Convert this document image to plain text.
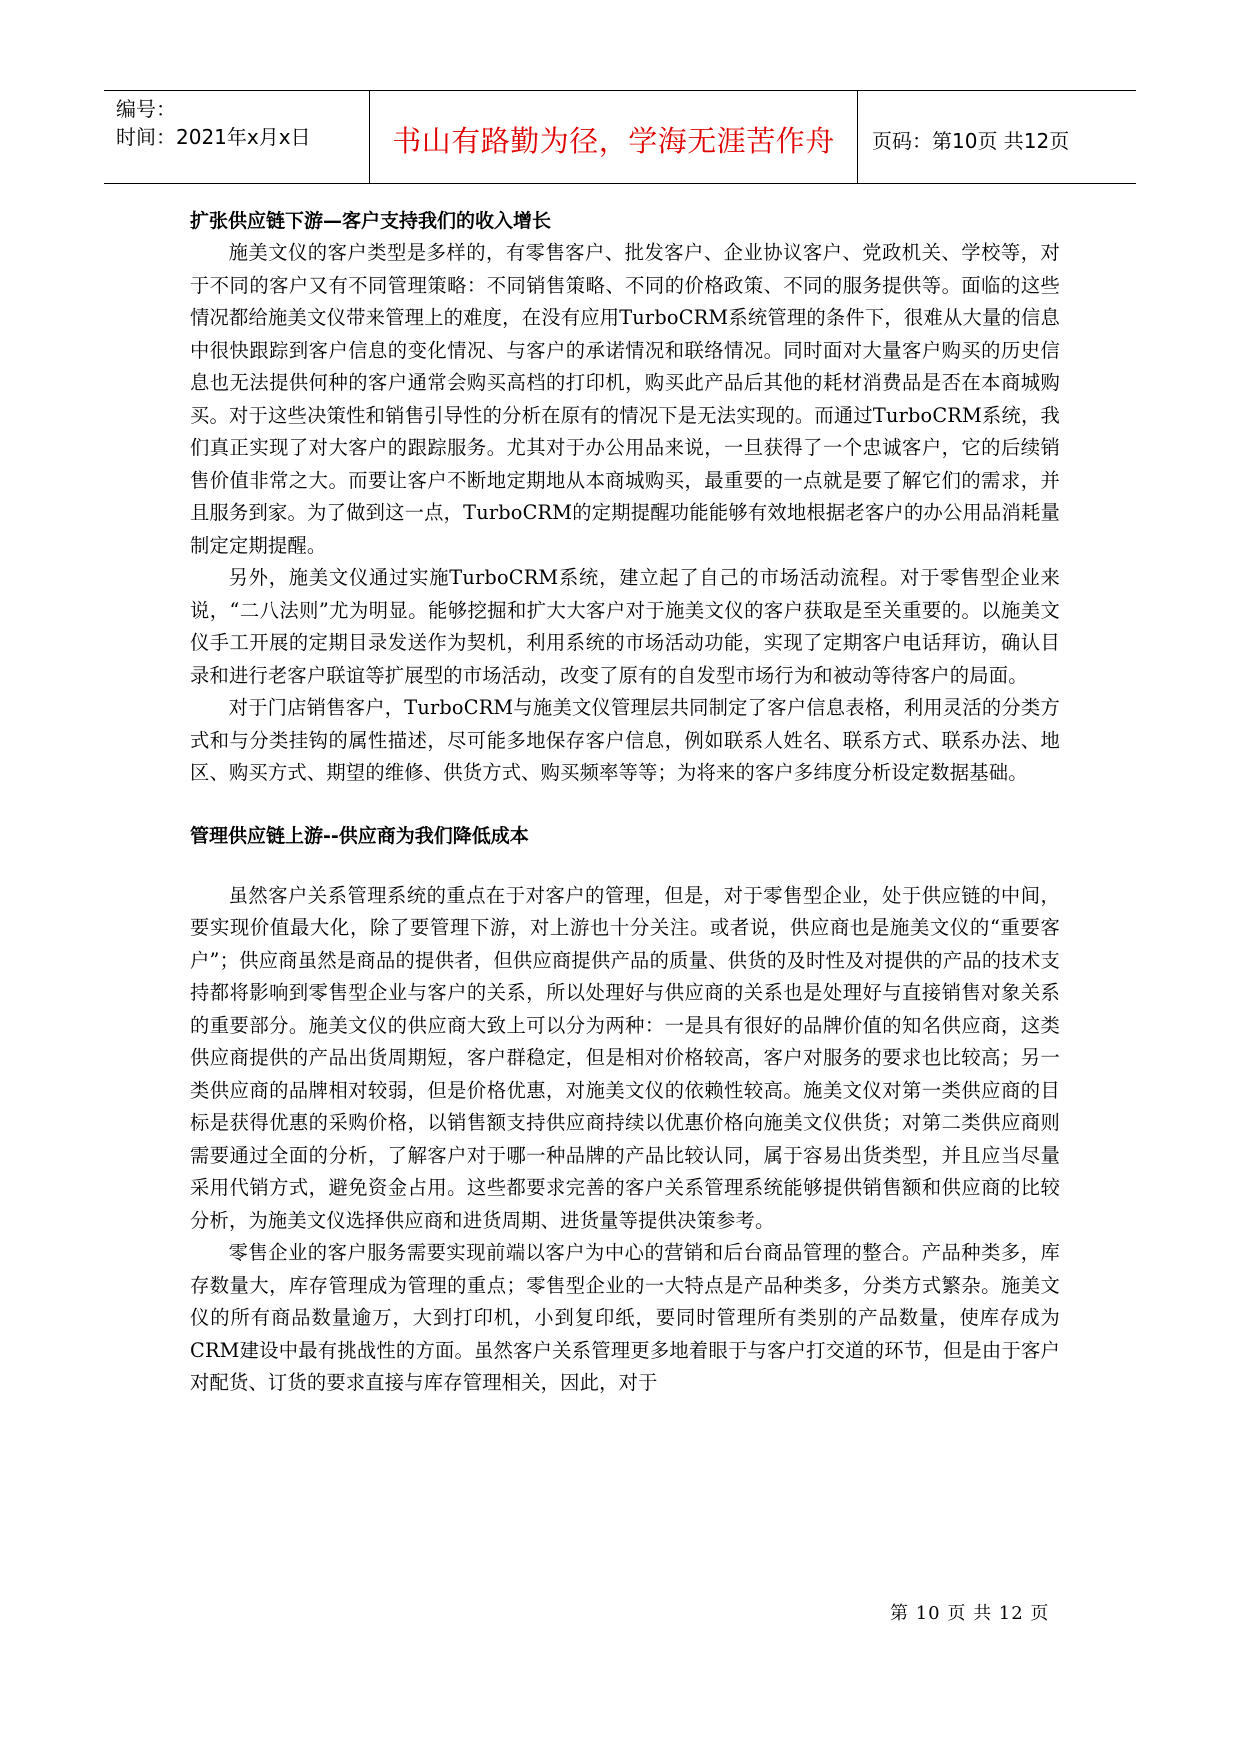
编号：
时间：2021年x月x日	书山有路勤为径，学海无涯苦作舟	页码：第10页 共12页
扩张供应链下游—客户支持我们的收入增长

施美文仪的客户类型是多样的，有零售客户、批发客户、企业协议客户、党政机关、学校等，对于不同的客户又有不同管理策略：不同销售策略、不同的价格政策、不同的服务提供等。面临的这些情况都给施美文仪带来管理上的难度，在没有应用TurboCRM系统管理的条件下，很难从大量的信息中很快跟踪到客户信息的变化情况、与客户的承诺情况和联络情况。同时面对大量客户购买的历史信息也无法提供何种的客户通常会购买高档的打印机，购买此产品后其他的耗材消费品是否在本商城购买。对于这些决策性和销售引导性的分析在原有的情况下是无法实现的。而通过TurboCRM系统，我们真正实现了对大客户的跟踪服务。尤其对于办公用品来说，一旦获得了一个忠诚客户，它的后续销售价值非常之大。而要让客户不断地定期地从本商城购买，最重要的一点就是要了解它们的需求，并且服务到家。为了做到这一点，TurboCRM的定期提醒功能能够有效地根据老客户的办公用品消耗量制定定期提醒。

另外，施美文仪通过实施TurboCRM系统，建立起了自己的市场活动流程。对于零售型企业来说，“二八法则”尤为明显。能够挖掘和扩大大客户对于施美文仪的客户获取是至关重要的。以施美文仪手工开展的定期目录发送作为契机，利用系统的市场活动功能，实现了定期客户电话拜访，确认目录和进行老客户联谊等扩展型的市场活动，改变了原有的自发型市场行为和被动等待客户的局面。

对于门店销售客户，TurboCRM与施美文仪管理层共同制定了客户信息表格，利用灵活的分类方式和与分类挂钩的属性描述，尽可能多地保存客户信息，例如联系人姓名、联系方式、联系办法、地区、购买方式、期望的维修、供货方式、购买频率等等；为将来的客户多纬度分析设定数据基础。

管理供应链上游--供应商为我们降低成本

虽然客户关系管理系统的重点在于对客户的管理，但是，对于零售型企业，处于供应链的中间，要实现价值最大化，除了要管理下游，对上游也十分关注。或者说，供应商也是施美文仪的“重要客户”；供应商虽然是商品的提供者，但供应商提供产品的质量、供货的及时性及对提供的产品的技术支持都将影响到零售型企业与客户的关系，所以处理好与供应商的关系也是处理好与直接销售对象关系的重要部分。施美文仪的供应商大致上可以分为两种：一是具有很好的品牌价值的知名供应商，这类供应商提供的产品出货周期短，客户群稳定，但是相对价格较高，客户对服务的要求也比较高；另一类供应商的品牌相对较弱，但是价格优惠，对施美文仪的依赖性较高。施美文仪对第一类供应商的目标是获得优惠的采购价格，以销售额支持供应商持续以优惠价格向施美文仪供货；对第二类供应商则需要通过全面的分析，了解客户对于哪一种品牌的产品比较认同，属于容易出货类型，并且应当尽量采用代销方式，避免资金占用。这些都要求完善的客户关系管理系统能够提供销售额和供应商的比较分析，为施美文仪选择供应商和进货周期、进货量等提供决策参考。

零售企业的客户服务需要实现前端以客户为中心的营销和后台商品管理的整合。产品种类多，库存数量大，库存管理成为管理的重点；零售型企业的一大特点是产品种类多，分类方式繁杂。施美文仪的所有商品数量逾万，大到打印机，小到复印纸，要同时管理所有类别的产品数量，使库存成为CRM建设中最有挑战性的方面。虽然客户关系管理更多地着眼于与客户打交道的环节，但是由于客户对配货、订货的要求直接与库存管理相关，因此，对于

第 10 页 共 12 页
